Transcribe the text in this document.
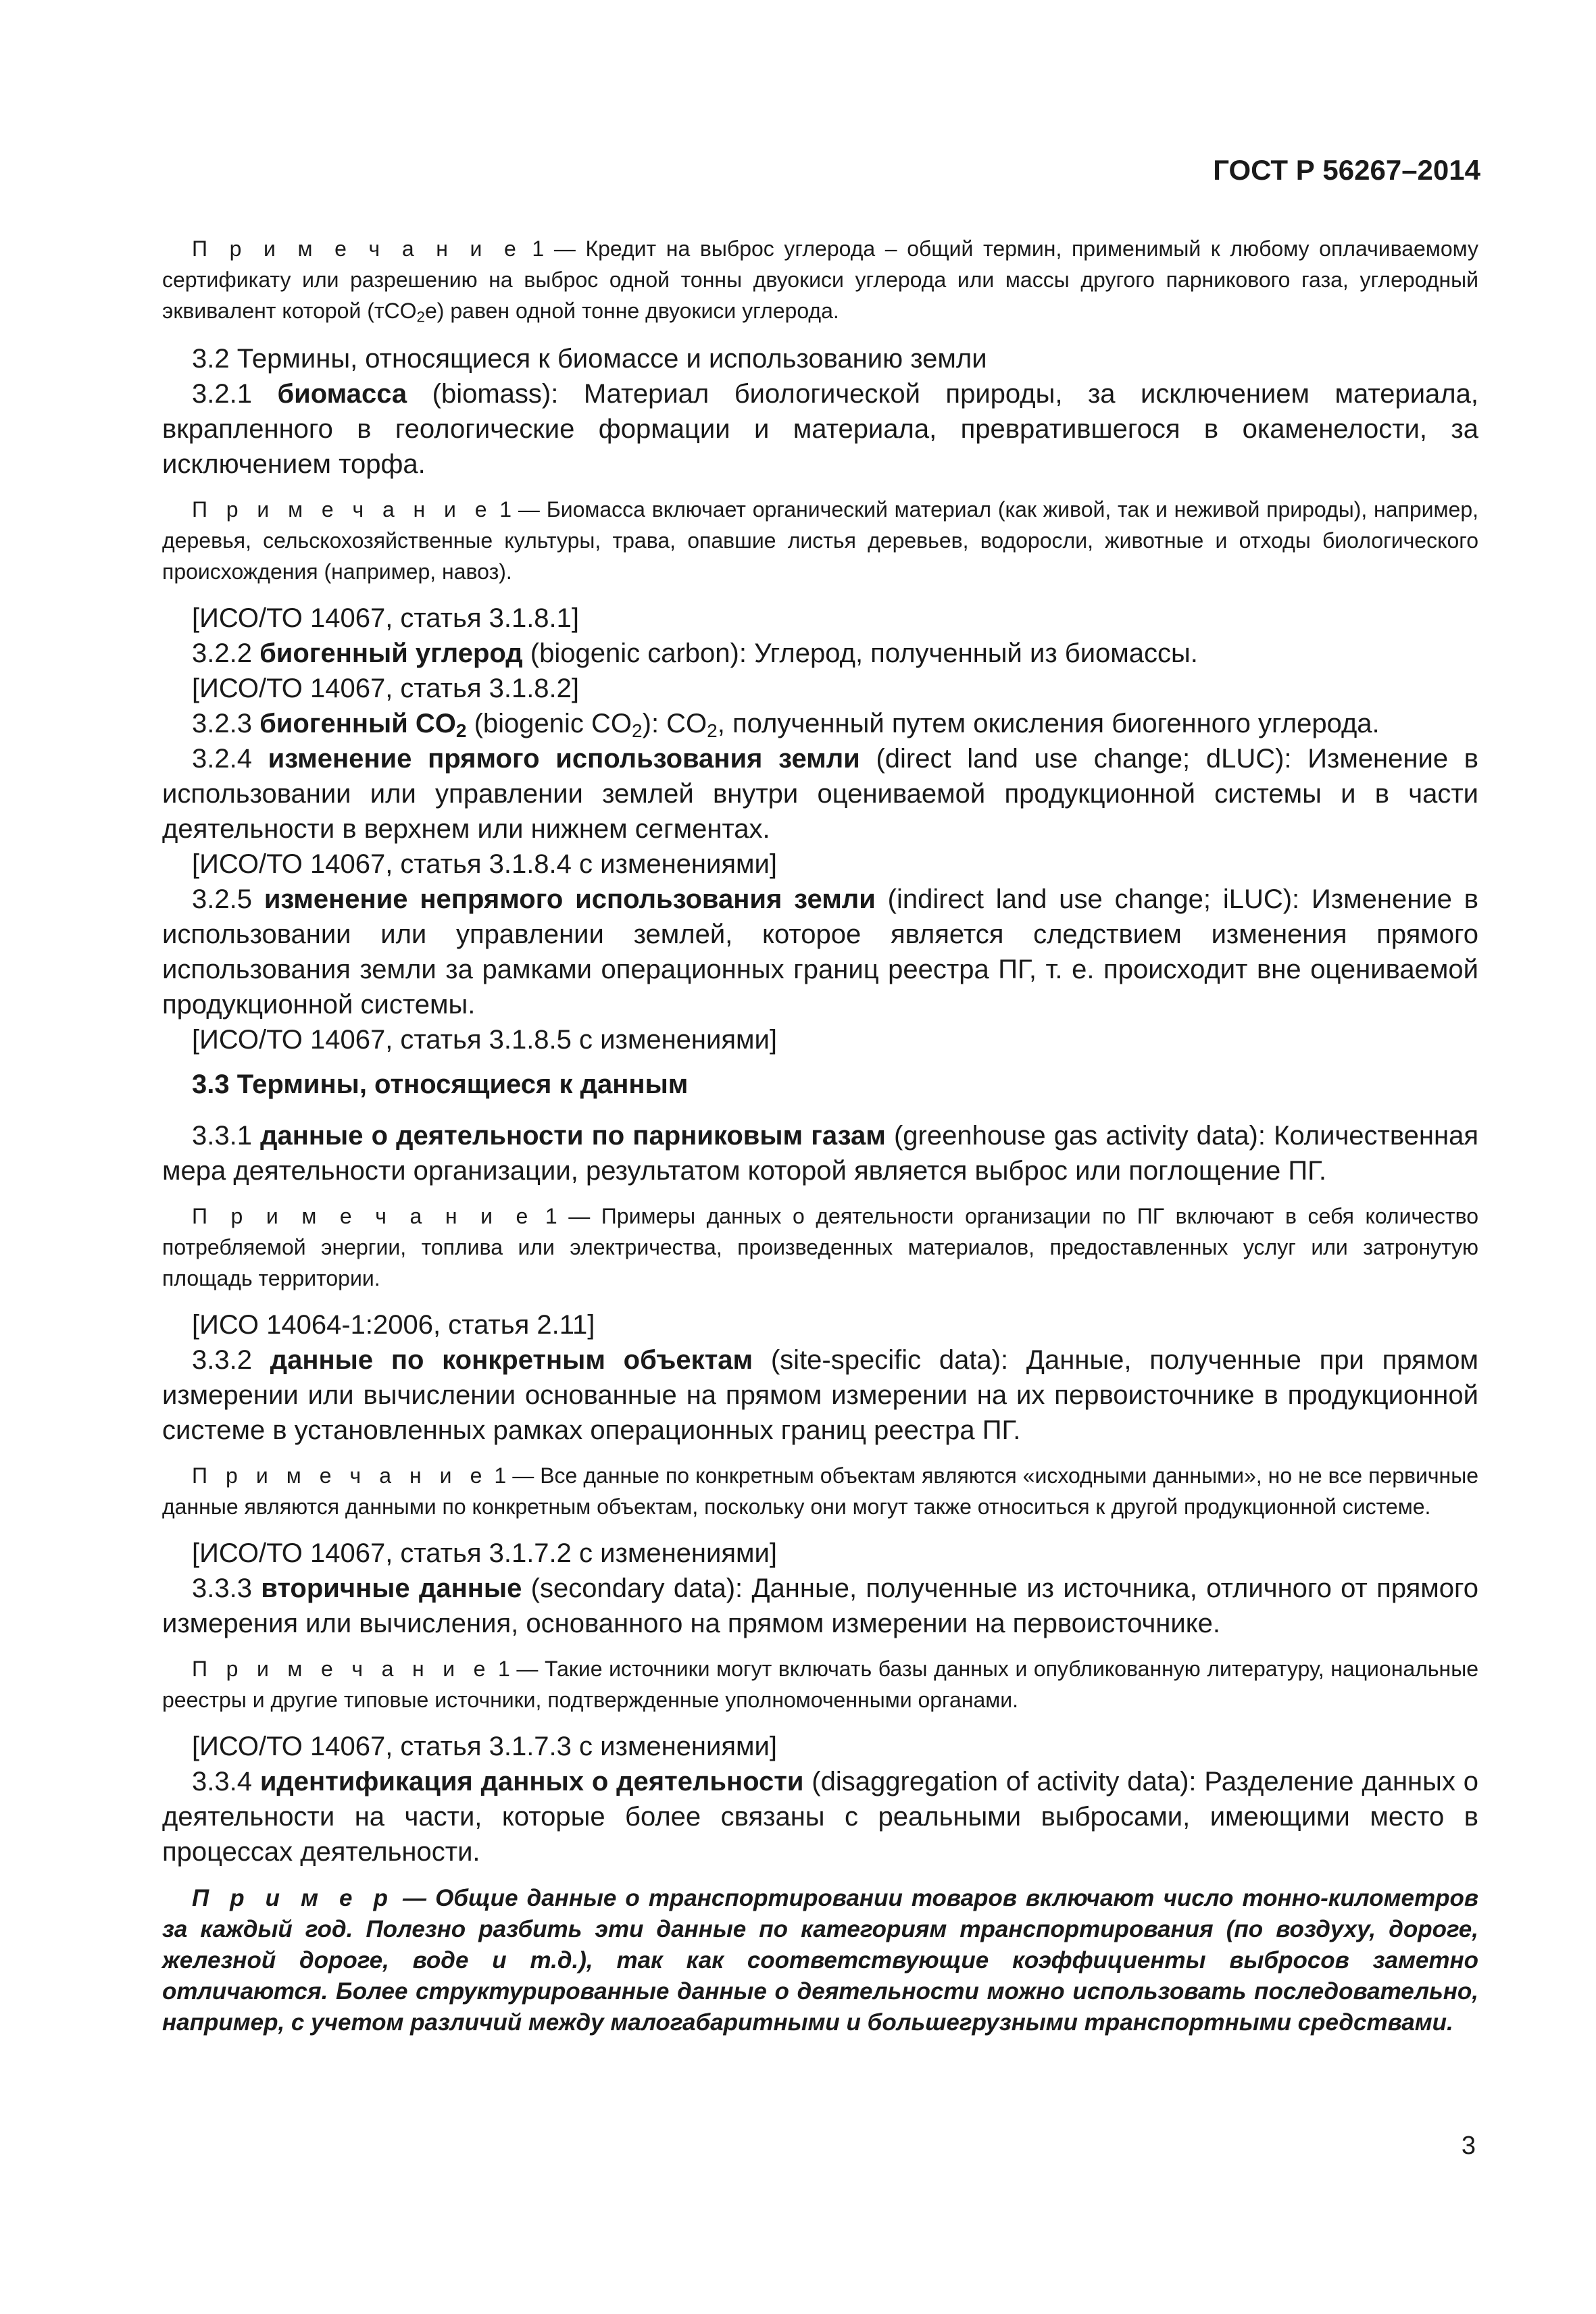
ГОСТ Р 56267–2014

П р и м е ч а н и е 1 — Кредит на выброс углерода – общий термин, применимый к любому оплачиваемому сертификату или разрешению на выброс одной тонны двуокиси углерода или массы другого парникового газа, углеродный эквивалент которой (тCO$_2$е) равен одной тонне двуокиси углерода.

3.2 Термины, относящиеся к биомассе и использованию земли

3.2.1 биомасса (biomass): Материал биологической природы, за исключением материала, вкрапленного в геологические формации и материала, превратившегося в окаменелости, за исключением торфа.

П р и м е ч а н и е 1 — Биомасса включает органический материал (как живой, так и неживой природы), например, деревья, сельскохозяйственные культуры, трава, опавшие листья деревьев, водоросли, животные и отходы биологического происхождения (например, навоз).

[ИСО/ТО 14067, статья 3.1.8.1]

3.2.2 биогенный углерод (biogenic carbon): Углерод, полученный из биомассы.

[ИСО/ТО 14067, статья 3.1.8.2]

3.2.3 биогенный $CO_2$ (biogenic $CO_2$): $CO_2$, полученный путем окисления биогенного углерода.

3.2.4 изменение прямого использования земли (direct land use change; dLUC): Изменение в использовании или управлении землей внутри оцениваемой продукционной системы и в части деятельности в верхнем или нижнем сегментах.

[ИСО/ТО 14067, статья 3.1.8.4 с изменениями]

3.2.5 изменение непрямого использования земли (indirect land use change; iLUC): Изменение в использовании или управлении землей, которое является следствием изменения прямого использования земли за рамками операционных границ реестра ПГ, т. е. происходит вне оцениваемой продукционной системы.

[ИСО/ТО 14067, статья 3.1.8.5 с изменениями]

3.3 Термины, относящиеся к данным

3.3.1 данные о деятельности по парниковым газам (greenhouse gas activity data): Количественная мера деятельности организации, результатом которой является выброс или поглощение ПГ.

П р и м е ч а н и е 1 — Примеры данных о деятельности организации по ПГ включают в себя количество потребляемой энергии, топлива или электричества, произведенных материалов, предоставленных услуг или затронутую площадь территории.

[ИСО 14064-1:2006, статья 2.11]

3.3.2 данные по конкретным объектам (site-specific data): Данные, полученные при прямом измерении или вычислении основанные на прямом измерении на их первоисточнике в продукционной системе в установленных рамках операционных границ реестра ПГ.

П р и м е ч а н и е 1 — Все данные по конкретным объектам являются «исходными данными», но не все первичные данные являются данными по конкретным объектам, поскольку они могут также относиться к другой продукционной системе.

[ИСО/ТО 14067, статья 3.1.7.2 с изменениями]

3.3.3 вторичные данные (secondary data): Данные, полученные из источника, отличного от прямого измерения или вычисления, основанного на прямом измерении на первоисточнике.

П р и м е ч а н и е 1 — Такие источники могут включать базы данных и опубликованную литературу, национальные реестры и другие типовые источники, подтвержденные уполномоченными органами.

[ИСО/ТО 14067, статья 3.1.7.3 с изменениями]

3.3.4 идентификация данных о деятельности (disaggregation of activity data): Разделение данных о деятельности на части, которые более связаны с реальными выбросами, имеющими место в процессах деятельности.

П р и м е р — Общие данные о транспортировании товаров включают число тонно-километров за каждый год. Полезно разбить эти данные по категориям транспортирования (по воздуху, дороге, железной дороге, воде и т.д.), так как соответствующие коэффициенты выбросов заметно отличаются. Более структурированные данные о деятельности можно использовать последовательно, например, с учетом различий между малогабаритными и большегрузными транспортными средствами.

3
